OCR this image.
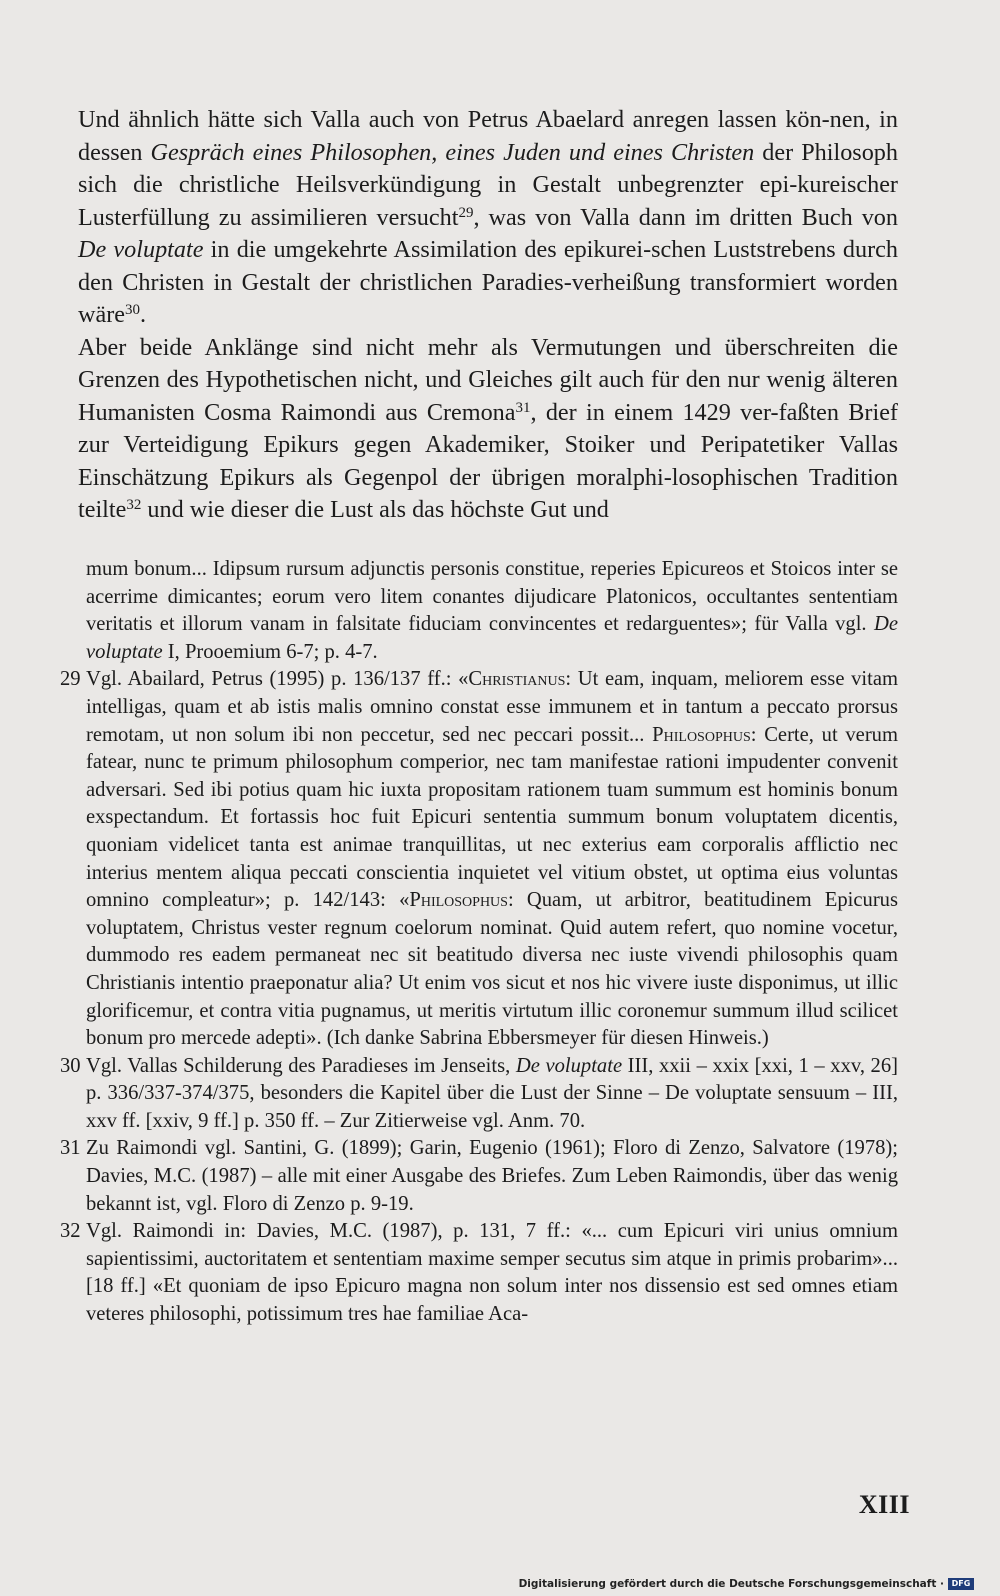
Und ähnlich hätte sich Valla auch von Petrus Abaelard anregen lassen kön-nen, in dessen Gespräch eines Philosophen, eines Juden und eines Christen der Philosoph sich die christliche Heilsverkündigung in Gestalt unbegrenzter epi-kureischer Lusterfüllung zu assimilieren versucht$^{29}$, was von Valla dann im dritten Buch von De voluptate in die umgekehrte Assimilation des epikurei-schen Luststrebens durch den Christen in Gestalt der christlichen Paradies-verheißung transformiert worden wäre$^{30}$.

Aber beide Anklänge sind nicht mehr als Vermutungen und überschreiten die Grenzen des Hypothetischen nicht, und Gleiches gilt auch für den nur wenig älteren Humanisten Cosma Raimondi aus Cremona$^{31}$, der in einem 1429 ver-faßten Brief zur Verteidigung Epikurs gegen Akademiker, Stoiker und Peripatetiker Vallas Einschätzung Epikurs als Gegenpol der übrigen moralphi-losophischen Tradition teilte$^{32}$ und wie dieser die Lust als das höchste Gut und

mum bonum... Idipsum rursum adjunctis personis constitue, reperies Epicureos et Stoicos inter se acerrime dimicantes; eorum vero litem conantes dijudicare Platonicos, occultantes sententiam veritatis et illorum vanam in falsitate fiduciam convincentes et redarguentes»; für Valla vgl. De voluptate I, Prooemium 6-7; p. 4-7.

29 Vgl. Abailard, Petrus (1995) p. 136/137 ff.: «Christianus: Ut eam, inquam, meliorem esse vitam intelligas, quam et ab istis malis omnino constat esse immunem et in tantum a peccato prorsus remotam, ut non solum ibi non peccetur, sed nec peccari possit... Philosophus: Certe, ut verum fatear, nunc te primum philosophum comperior, nec tam manifestae rationi impudenter convenit adversari. Sed ibi potius quam hic iuxta propositam rationem tuam summum est hominis bonum exspectandum. Et fortassis hoc fuit Epicuri sententia summum bonum voluptatem dicentis, quoniam videlicet tanta est animae tranquillitas, ut nec exterius eam corporalis afflictio nec interius mentem aliqua peccati conscientia inquietet vel vitium obstet, ut optima eius voluntas omnino compleatur»; p. 142/143: «Philosophus: Quam, ut arbitror, beatitudinem Epicurus voluptatem, Christus vester regnum coelorum nominat. Quid autem refert, quo nomine vocetur, dummodo res eadem permaneat nec sit beatitudo diversa nec iuste vivendi philosophis quam Christianis intentio praeponatur alia? Ut enim vos sicut et nos hic vivere iuste disponimus, ut illic glorificemur, et contra vitia pugnamus, ut meritis virtutum illic coronemur summum illud scilicet bonum pro mercede adepti». (Ich danke Sabrina Ebbersmeyer für diesen Hinweis.)

30 Vgl. Vallas Schilderung des Paradieses im Jenseits, De voluptate III, xxii – xxix [xxi, 1 – xxv, 26] p. 336/337-374/375, besonders die Kapitel über die Lust der Sinne – De voluptate sensuum – III, xxv ff. [xxiv, 9 ff.] p. 350 ff. – Zur Zitierweise vgl. Anm. 70.

31 Zu Raimondi vgl. Santini, G. (1899); Garin, Eugenio (1961); Floro di Zenzo, Salvatore (1978); Davies, M.C. (1987) – alle mit einer Ausgabe des Briefes. Zum Leben Raimondis, über das wenig bekannt ist, vgl. Floro di Zenzo p. 9-19.

32 Vgl. Raimondi in: Davies, M.C. (1987), p. 131, 7 ff.: «... cum Epicuri viri unius omnium sapientissimi, auctoritatem et sententiam maxime semper secutus sim atque in primis probarim»... [18 ff.] «Et quoniam de ipso Epicuro magna non solum inter nos dissensio est sed omnes etiam veteres philosophi, potissimum tres hae familiae Aca-

XIII
Digitalisierung gefördert durch die Deutsche Forschungsgemeinschaft · DFG
